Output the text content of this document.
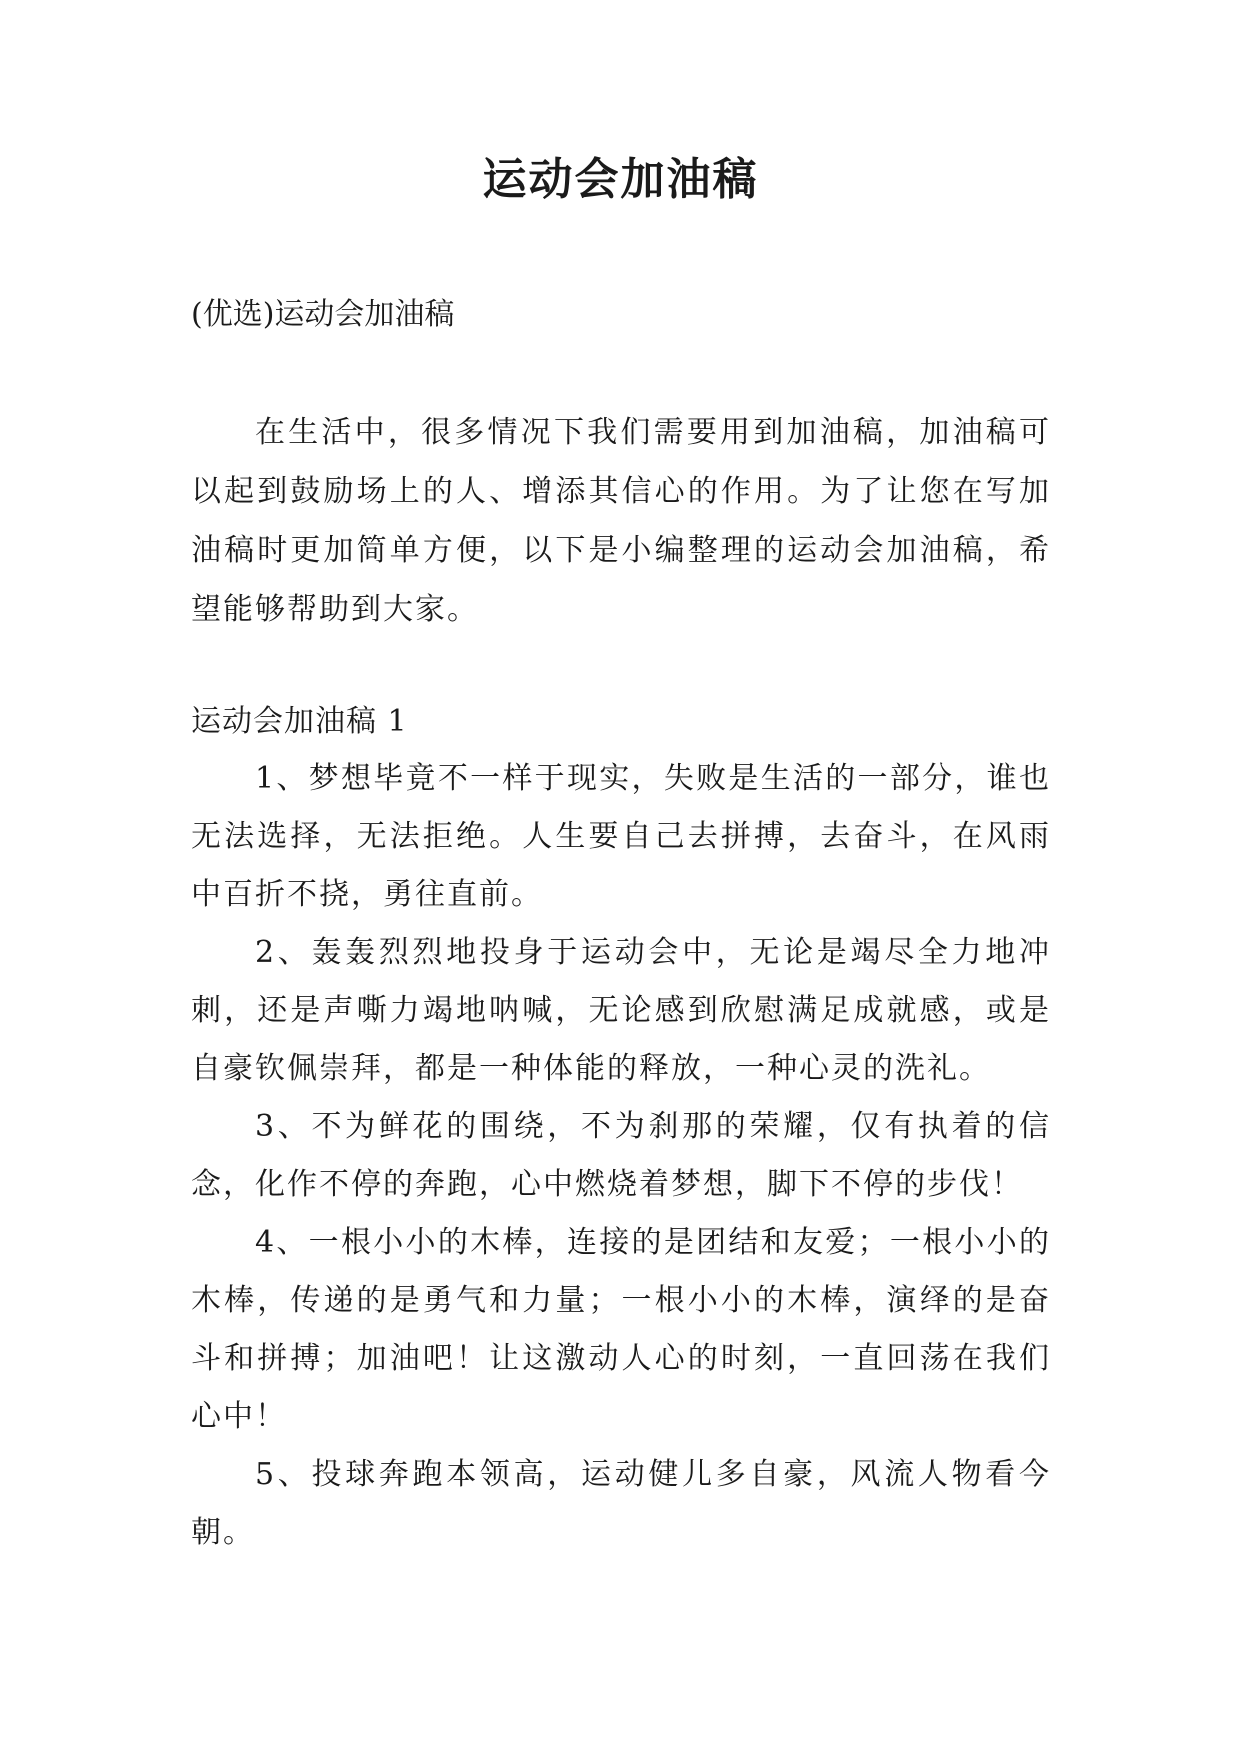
运动会加油稿

(优选)运动会加油稿

在生活中，很多情况下我们需要用到加油稿，加油稿可以起到鼓励场上的人、增添其信心的作用。为了让您在写加油稿时更加简单方便，以下是小编整理的运动会加油稿，希望能够帮助到大家。

运动会加油稿 1

1、梦想毕竟不一样于现实，失败是生活的一部分，谁也无法选择，无法拒绝。人生要自己去拼搏，去奋斗，在风雨中百折不挠，勇往直前。
2、轰轰烈烈地投身于运动会中，无论是竭尽全力地冲刺，还是声嘶力竭地呐喊，无论感到欣慰满足成就感，或是自豪钦佩崇拜，都是一种体能的释放，一种心灵的洗礼。
3、不为鲜花的围绕，不为刹那的荣耀，仅有执着的信念，化作不停的奔跑，心中燃烧着梦想，脚下不停的步伐！
4、一根小小的木棒，连接的是团结和友爱；一根小小的木棒，传递的是勇气和力量；一根小小的木棒，演绎的是奋斗和拼搏；加油吧！让这激动人心的时刻，一直回荡在我们心中！
5、投球奔跑本领高，运动健儿多自豪，风流人物看今朝。
